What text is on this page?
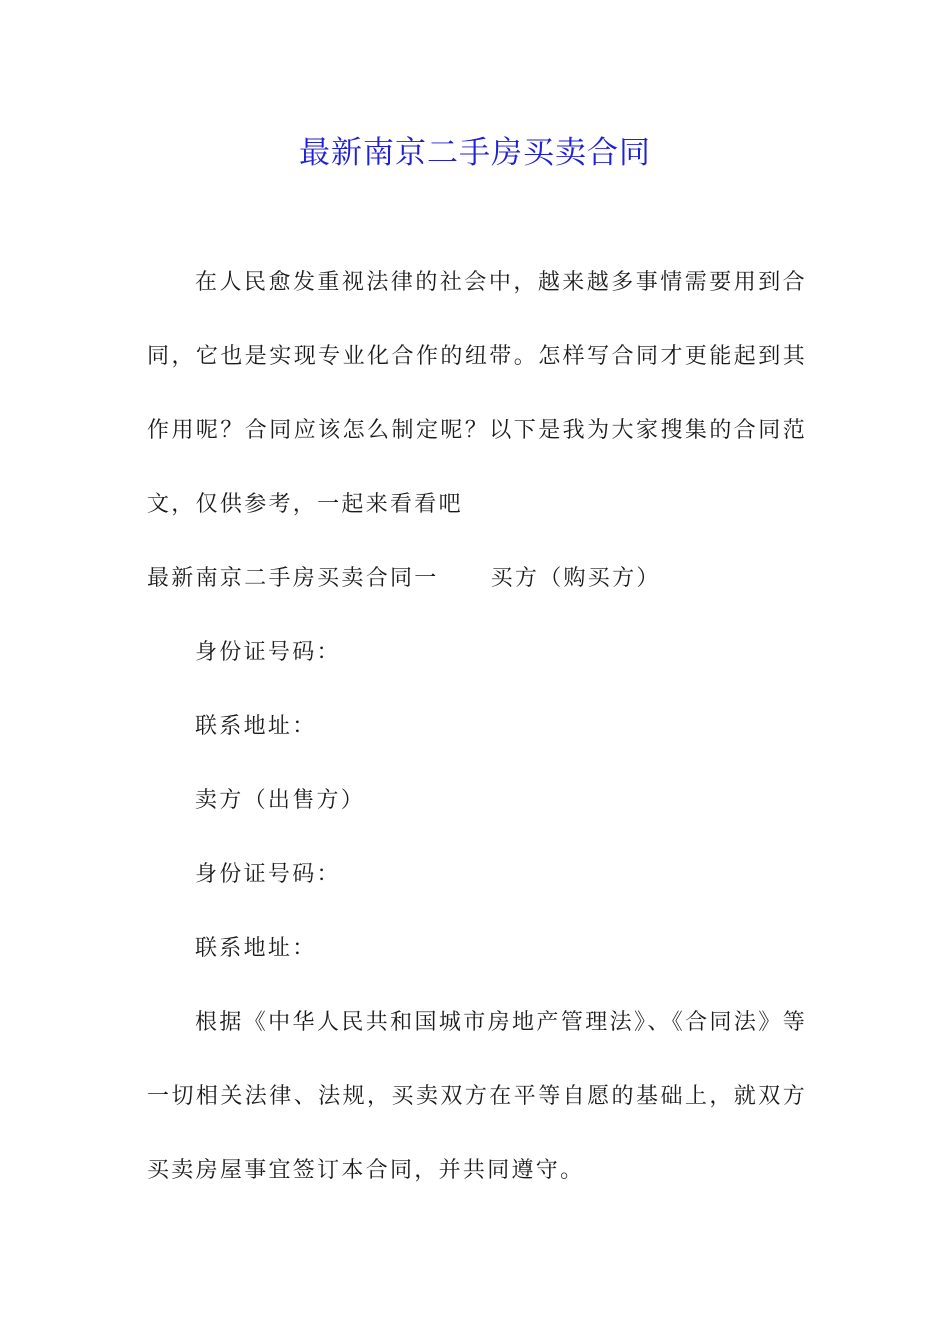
最新南京二手房买卖合同

在人民愈发重视法律的社会中，越来越多事情需要用到合同，它也是实现专业化合作的纽带。怎样写合同才更能起到其作用呢？合同应该怎么制定呢？以下是我为大家搜集的合同范文，仅供参考，一起来看看吧

最新南京二手房买卖合同一 买方（购买方）

身份证号码：

联系地址：

卖方（出售方）

身份证号码：

联系地址：

根据《中华人民共和国城市房地产管理法》、《合同法》等一切相关法律、法规，买卖双方在平等自愿的基础上，就双方买卖房屋事宜签订本合同，并共同遵守。
